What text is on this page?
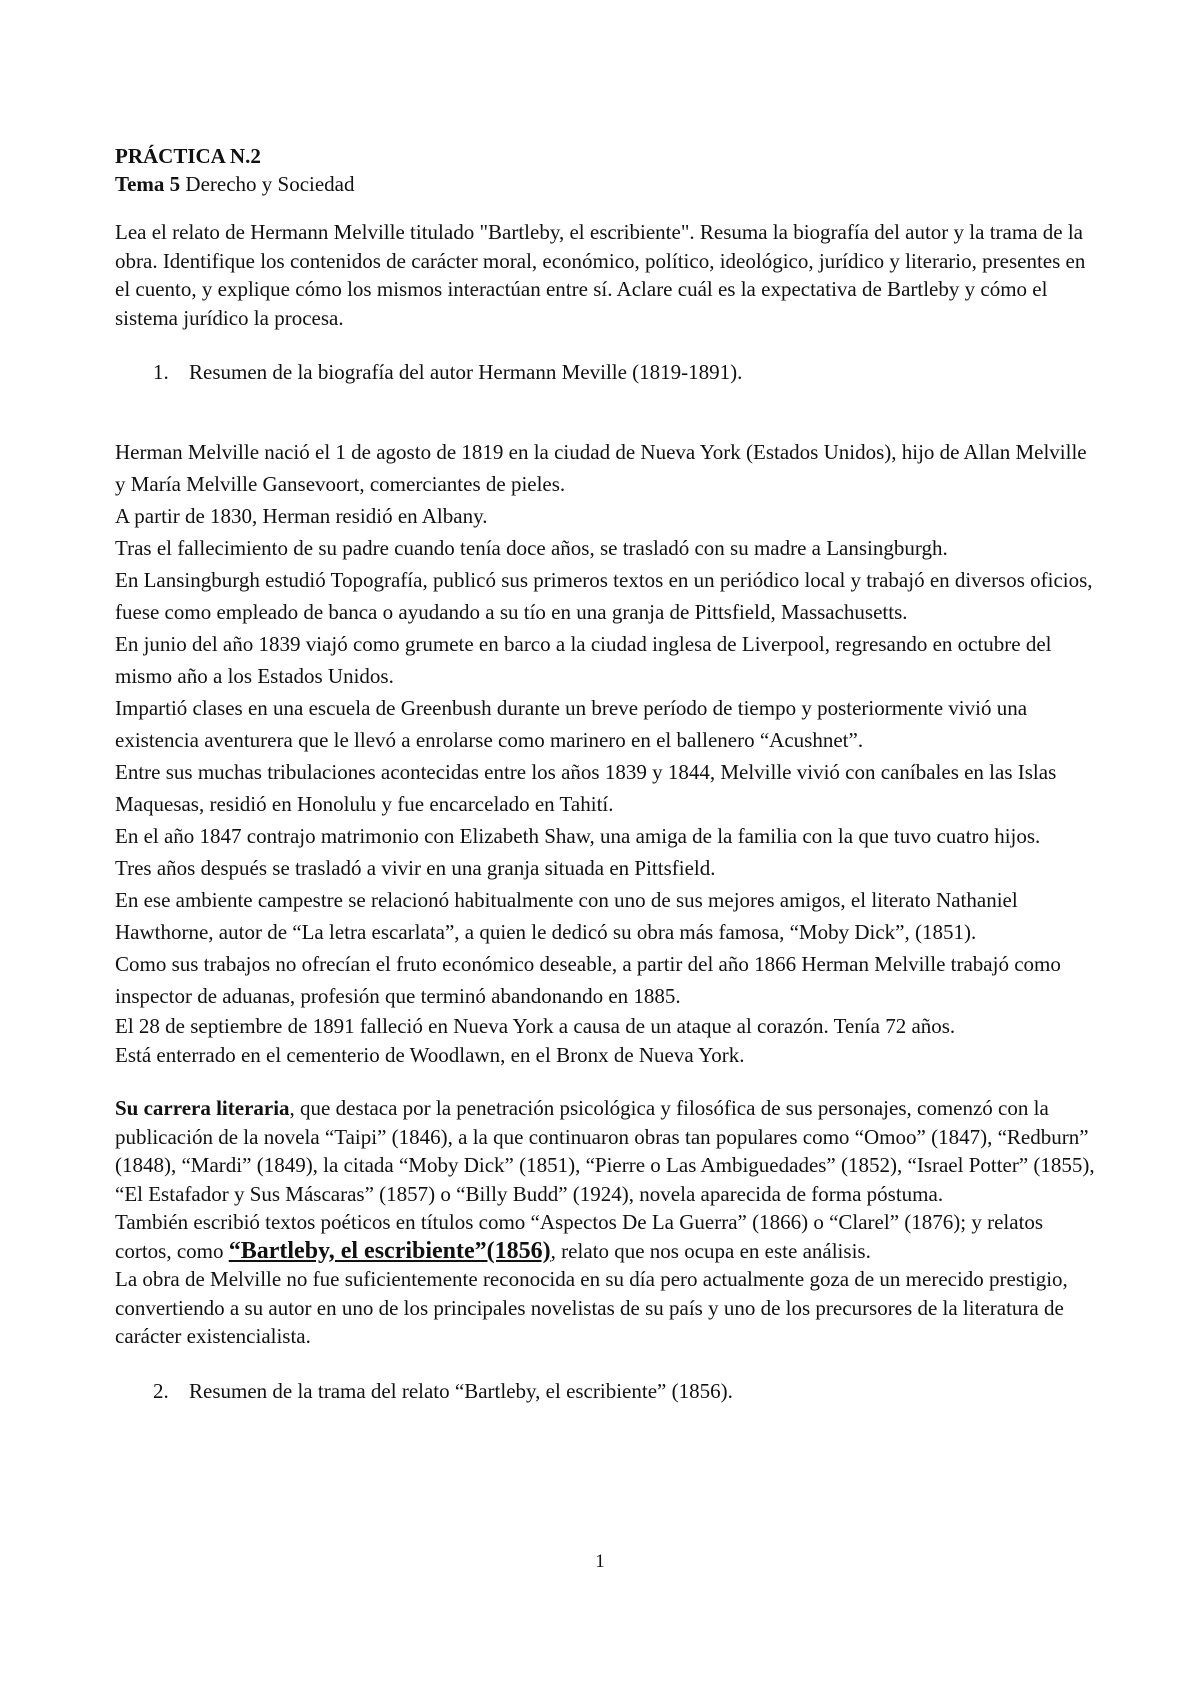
PRÁCTICA N.2

Tema 5 Derecho y Sociedad

Lea el relato de Hermann Melville titulado "Bartleby, el escribiente". Resuma la biografía del autor y la trama de la obra. Identifique los contenidos de carácter moral, económico, político, ideológico, jurídico y literario, presentes en el cuento, y explique cómo los mismos interactúan entre sí. Aclare cuál es la expectativa de Bartleby y cómo el sistema jurídico la procesa.

1. Resumen de la biografía del autor Hermann Meville (1819-1891).

Herman Melville nació el 1 de agosto de 1819 en la ciudad de Nueva York (Estados Unidos), hijo de Allan Melville y María Melville Gansevoort, comerciantes de pieles.

A partir de 1830, Herman residió en Albany.

Tras el fallecimiento de su padre cuando tenía doce años, se trasladó con su madre a Lansingburgh.

En Lansingburgh estudió Topografía, publicó sus primeros textos en un periódico local y trabajó en diversos oficios, fuese como empleado de banca o ayudando a su tío en una granja de Pittsfield, Massachusetts.

En junio del año 1839 viajó como grumete en barco a la ciudad inglesa de Liverpool, regresando en octubre del mismo año a los Estados Unidos.

Impartió clases en una escuela de Greenbush durante un breve período de tiempo y posteriormente vivió una existencia aventurera que le llevó a enrolarse como marinero en el ballenero “Acushnet”.

Entre sus muchas tribulaciones acontecidas entre los años 1839 y 1844, Melville vivió con caníbales en las Islas Maquesas, residió en Honolulu y fue encarcelado en Tahití.

En el año 1847 contrajo matrimonio con Elizabeth Shaw, una amiga de la familia con la que tuvo cuatro hijos.

Tres años después se trasladó a vivir en una granja situada en Pittsfield.

En ese ambiente campestre se relacionó habitualmente con uno de sus mejores amigos, el literato Nathaniel Hawthorne, autor de “La letra escarlata”, a quien le dedicó su obra más famosa, “Moby Dick”, (1851).

Como sus trabajos no ofrecían el fruto económico deseable, a partir del año 1866 Herman Melville trabajó como inspector de aduanas, profesión que terminó abandonando en 1885.

El 28 de septiembre de 1891 falleció en Nueva York a causa de un ataque al corazón. Tenía 72 años.

Está enterrado en el cementerio de Woodlawn, en el Bronx de Nueva York.

Su carrera literaria, que destaca por la penetración psicológica y filosófica de sus personajes, comenzó con la publicación de la novela “Taipi” (1846), a la que continuaron obras tan populares como “Omoo” (1847), “Redburn” (1848), “Mardi” (1849), la citada “Moby Dick” (1851), “Pierre o Las Ambiguedades” (1852), “Israel Potter” (1855), “El Estafador y Sus Máscaras” (1857) o “Billy Budd” (1924), novela aparecida de forma póstuma.

También escribió textos poéticos en títulos como “Aspectos De La Guerra” (1866) o “Clarel” (1876); y relatos cortos, como “Bartleby, el escribiente”(1856), relato que nos ocupa en este análisis.

La obra de Melville no fue suficientemente reconocida en su día pero actualmente goza de un merecido prestigio, convertiendo a su autor en uno de los principales novelistas de su país y uno de los precursores de la literatura de carácter existencialista.

2. Resumen de la trama del relato “Bartleby, el escribiente” (1856).
1
